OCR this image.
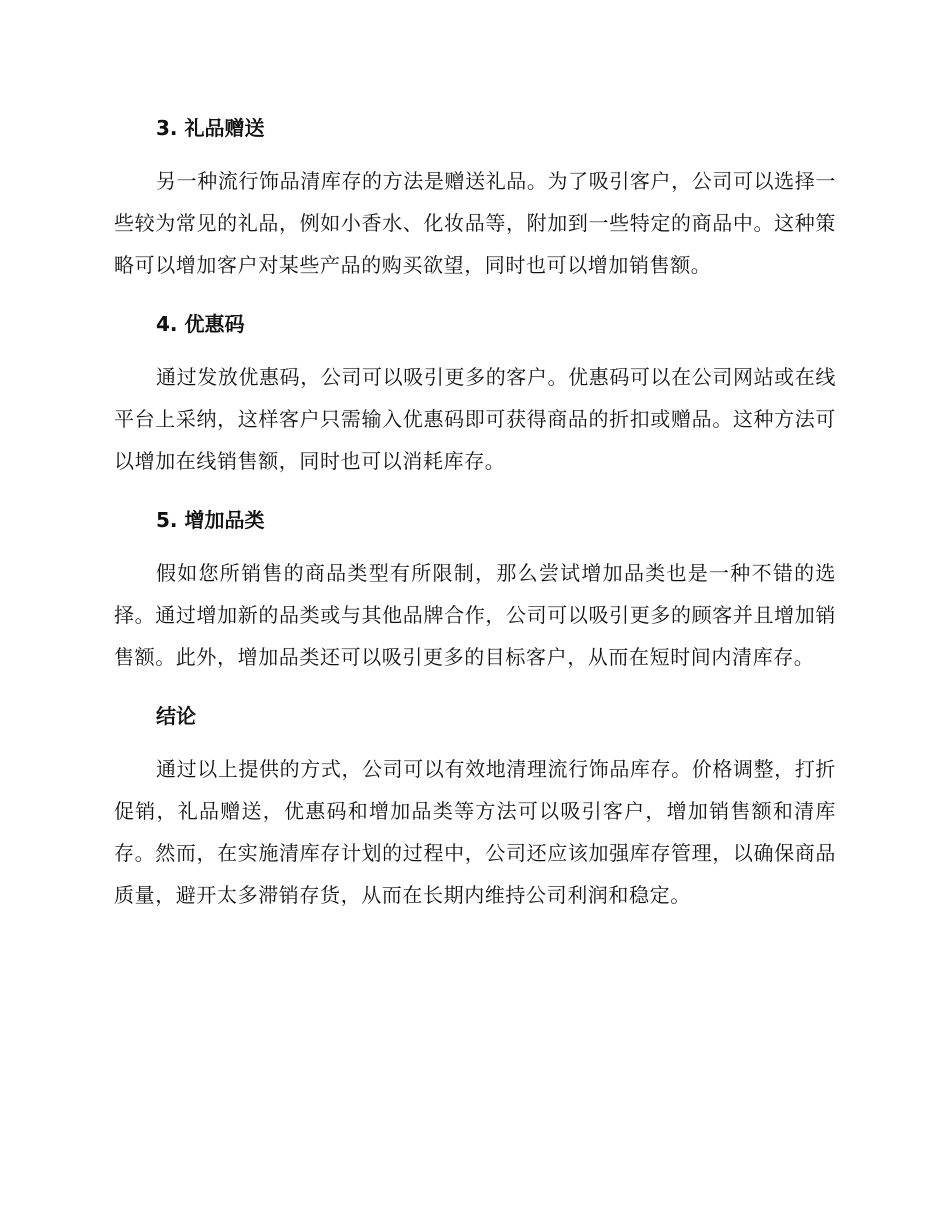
3. 礼品赠送

另一种流行饰品清库存的方法是赠送礼品。为了吸引客户，公司可以选择一些较为常见的礼品，例如小香水、化妆品等，附加到一些特定的商品中。这种策略可以增加客户对某些产品的购买欲望，同时也可以增加销售额。

4. 优惠码

通过发放优惠码，公司可以吸引更多的客户。优惠码可以在公司网站或在线平台上采纳，这样客户只需输入优惠码即可获得商品的折扣或赠品。这种方法可以增加在线销售额，同时也可以消耗库存。

5. 增加品类

假如您所销售的商品类型有所限制，那么尝试增加品类也是一种不错的选择。通过增加新的品类或与其他品牌合作，公司可以吸引更多的顾客并且增加销售额。此外，增加品类还可以吸引更多的目标客户，从而在短时间内清库存。

结论

通过以上提供的方式，公司可以有效地清理流行饰品库存。价格调整，打折促销，礼品赠送，优惠码和增加品类等方法可以吸引客户，增加销售额和清库存。然而，在实施清库存计划的过程中，公司还应该加强库存管理，以确保商品质量，避开太多滞销存货，从而在长期内维持公司利润和稳定。
